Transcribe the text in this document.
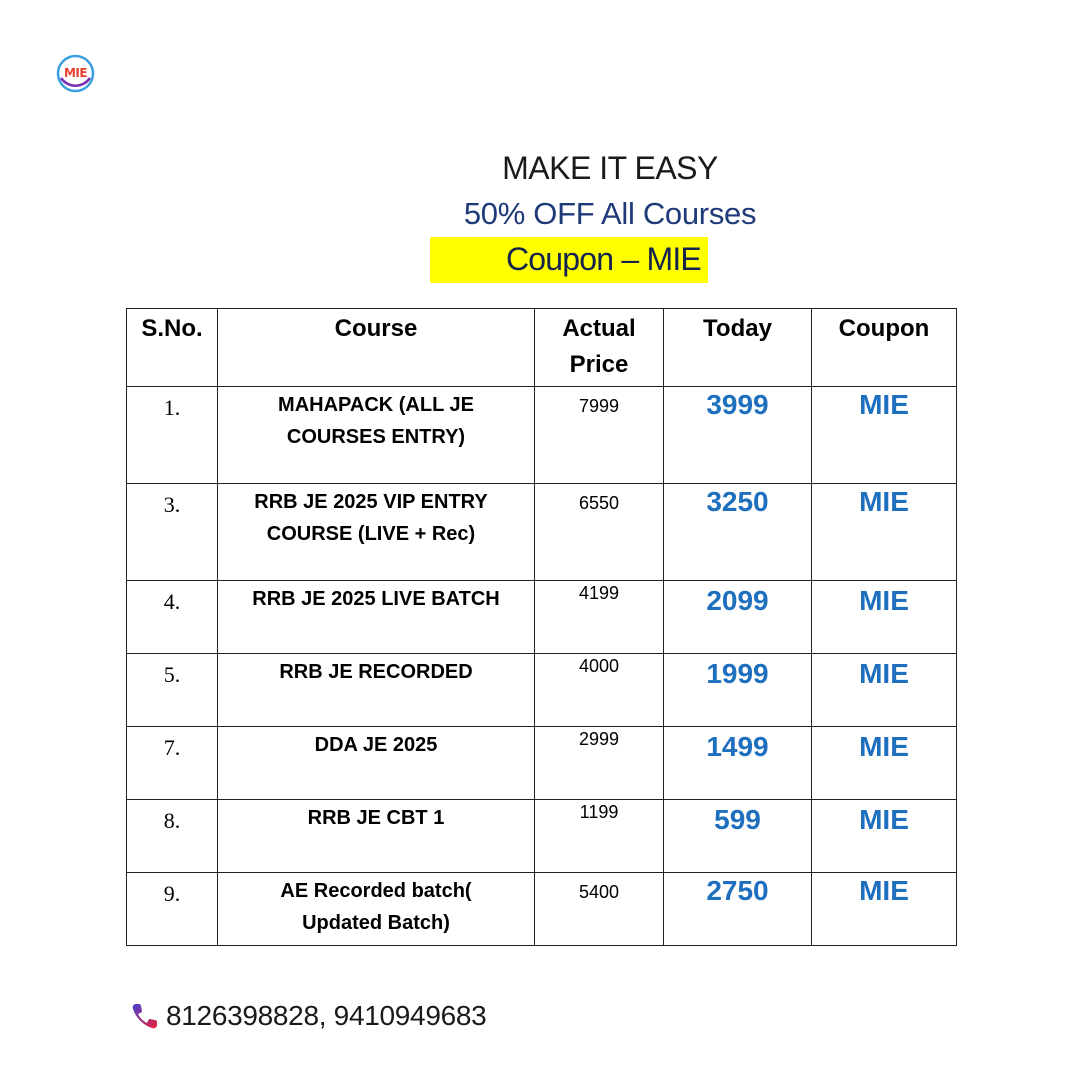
MIE
MAKE IT EASY
50% OFF All Courses
Coupon – MIE
S.No.	Course	Actual Price	Today	Coupon

1.	MAHAPACK (ALL JE COURSES ENTRY)	7999	3999	MIE

3.	RRB JE 2025 VIP ENTRY COURSE (LIVE + Rec)	6550	3250	MIE

4.	RRB JE 2025 LIVE BATCH	4199	2099	MIE

5.	RRB JE RECORDED	4000	1999	MIE

7.	DDA JE 2025	2999	1499	MIE

8.	RRB JE CBT 1	1199	599	MIE

9.	AE Recorded batch( Updated Batch)	5400	2750	MIE
8126398828, 9410949683
